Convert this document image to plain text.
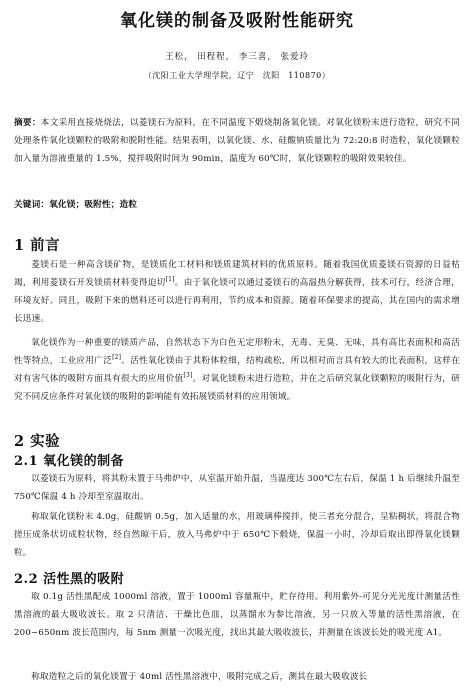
氧化镁的制备及吸附性能研究
王松， 田程程， 李三喜， 张爱玲
（沈阳工业大学理学院，辽宁　沈阳　110870）

摘要：本文采用直接烧烧法，以菱镁石为原料，在不同温度下煅烧制备氧化镁。对氧化镁粉末进行造粒，研究不同处理条件氧化镁颗粒的吸附和脱附性能。结果表明，以氧化镁、水、硅酸钠质量比为 72:20:8 时造粒，氧化镁颗粒加入量为溶液重量的 1.5%，搅拌吸附时间为 90min，温度为 60℃时，氧化镁颗粒的吸附效果较佳。

关键词：氧化镁；吸附性；造粒

1 前言

菱镁石是一种高含镁矿物，是镁质化工材料和镁质建筑材料的优质原料。随着我国优质菱镁石资源的日益枯竭，利用菱镁石开发镁质材料变得迫切[1]。由于氧化镁可以通过菱镁石的高温热分解获得，技术可行，经济合理，环境友好。同且，吸附下来的燃料还可以进行再利用，节约成本和资源。随着环保要求的提高，其在国内的需求增长迅速。

氧化镁作为一种重要的镁质产品，自然状态下为白色无定形粉末，无毒、无臭、无味，具有高比表面积和高活性等特点，工业应用广泛[2]。活性氧化镁由于其粉体粒细，结构疏松，所以相对而言具有较大的比表面积，这样在对有害气体的吸附方面具有很大的应用价值[3]。对氧化镁粉末进行造粒，并在之后研究氧化镁颗粒的吸附行为，研究不同反应条件对氧化镁的吸附的影响能有效拓展镁质材料的应用领域。

2 实验
2.1 氧化镁的制备

以菱镁石为原料，将其粉末置于马弗炉中，从室温开始升温，当温度达 300℃左右后，保温 1 h 后继续升温至 750℃保温 4 h 冷却至室温取出。

称取氧化镁粉末 4.0g，硅酸钠 0.5g，加入适量的水，用玻璃棒搅拌，使三者充分混合，呈粘稠状，将混合物搓压成条状切成粒状物，经自然晾干后，放入马弗炉中于 650℃下煅烧，保温一小时，冷却后取出即得氧化镁颗粒。

2.2 活性黑的吸附

取 0.1g 活性黑配成 1000ml 溶液，置于 1000ml 容量瓶中，贮存待用。利用紫外-可见分光光度计测量活性黑溶液的最大吸收波长。取 2 只清洁、干燥比色皿，以蒸馏水为参比溶液，另一只放入等量的活性黑溶液，在 200~650nm 波长范围内，每 5nm 测量一次吸光度，找出其最大吸收波长，并测量在该波长处的吸光度 A1。

称取造粒之后的氧化镁置于 40ml 活性黑溶液中，吸附完成之后，测其在最大吸收波长
